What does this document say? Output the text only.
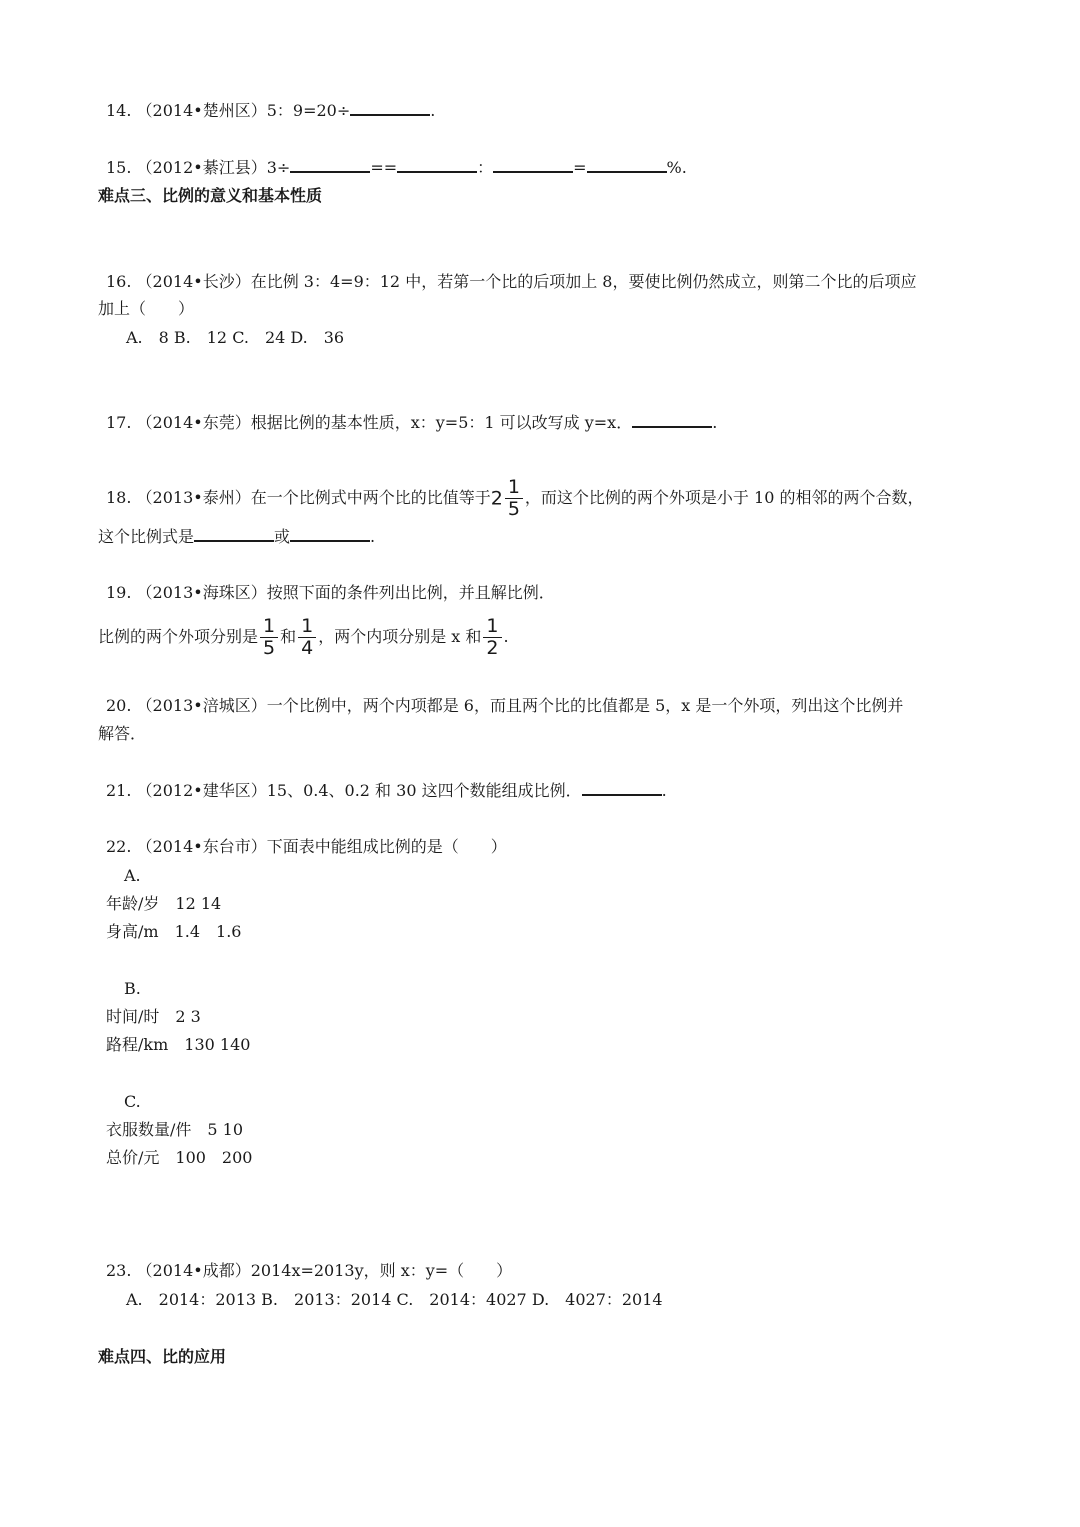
14. （2014•楚州区）5：9=20÷	.
15. （2012•綦江县）3÷	==	：	=	%.
难点三、比例的意义和基本性质
16. （2014•长沙）在比例 3：4=9：12 中，若第一个比的后项加上 8，要使比例仍然成立，则第二个比的后项应
加上（　　）
A.　8 B.　12 C.　24 D.　36
17. （2014•东莞）根据比例的基本性质，x：y=5：1 可以改写成 y=x．	.
18. （2013•泰州）在一个比例式中两个比的比值等于$2 \frac{1}{5}$ ，而这个比例的两个外项是小于 10 的相邻的两个合数，
这个比例式是	或	.
19. （2013•海珠区）按照下面的条件列出比例，并且解比例．
比例的两个外项分别是 $\frac{1}{5}$ 和 $\frac{1}{4}$ ，两个内项分别是 x 和 $\frac{1}{2}$ .
20. （2013•涪城区）一个比例中，两个内项都是 6，而且两个比的比值都是 5，x 是一个外项，列出这个比例并
解答．
21. （2012•建华区）15、0.4、0.2 和 30 这四个数能组成比例．	.
22. （2014•东台市）下面表中能组成比例的是（　　）
A.
年龄/岁　12 14
身高/m　1.4　1.6
B.
时间/时　2 3
路程/km　130 140
C.
衣服数量/件　5 10
总价/元　100　200
23. （2014•成都）2014x=2013y，则 x：y=（　　）
A.　2014：2013 B.　2013：2014 C.　2014：4027 D.　4027：2014
难点四、比的应用
